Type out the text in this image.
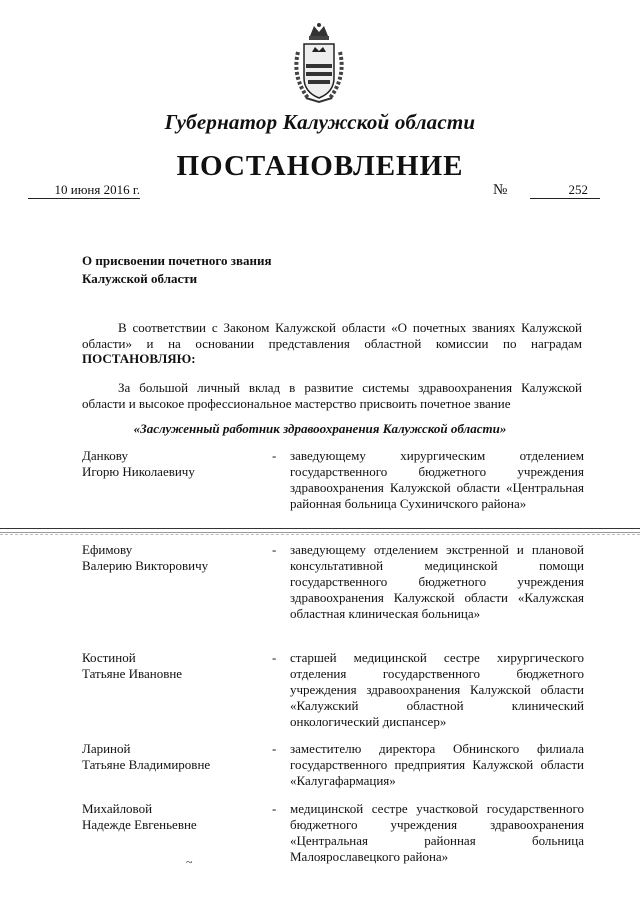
Губернатор Калужской области
ПОСТАНОВЛЕНИЕ
10 июня 2016 г.	№	252
О присвоении почетного звания
Калужской области
В соответствии с Законом Калужской области «О почетных званиях Калужской области» и на основании представления областной комиссии по наградам ПОСТАНОВЛЯЮ:
За большой личный вклад в развитие системы здравоохранения Калужской области и высокое профессиональное мастерство присвоить почетное звание
«Заслуженный работник здравоохранения Калужской области»
Данкову
Игорю Николаевичу
- заведующему хирургическим отделением государственного бюджетного учреждения здравоохранения Калужской области «Центральная районная больница Сухиничского района»
Ефимову
Валерию Викторовичу
- заведующему отделением экстренной и плановой консультативной медицинской помощи государственного бюджетного учреждения здравоохранения Калужской области «Калужская областная клиническая больница»
Костиной
Татьяне Ивановне
- старшей медицинской сестре хирургического отделения государственного бюджетного учреждения здравоохранения Калужской области «Калужский областной клинический онкологический диспансер»
Лариной
Татьяне Владимировне
- заместителю директора Обнинского филиала государственного предприятия Калужской области «Калугафармация»
Михайловой
Надежде Евгеньевне
- медицинской сестре участковой государственного бюджетного учреждения здравоохранения «Центральная районная больница Малоярославецкого района»
~
